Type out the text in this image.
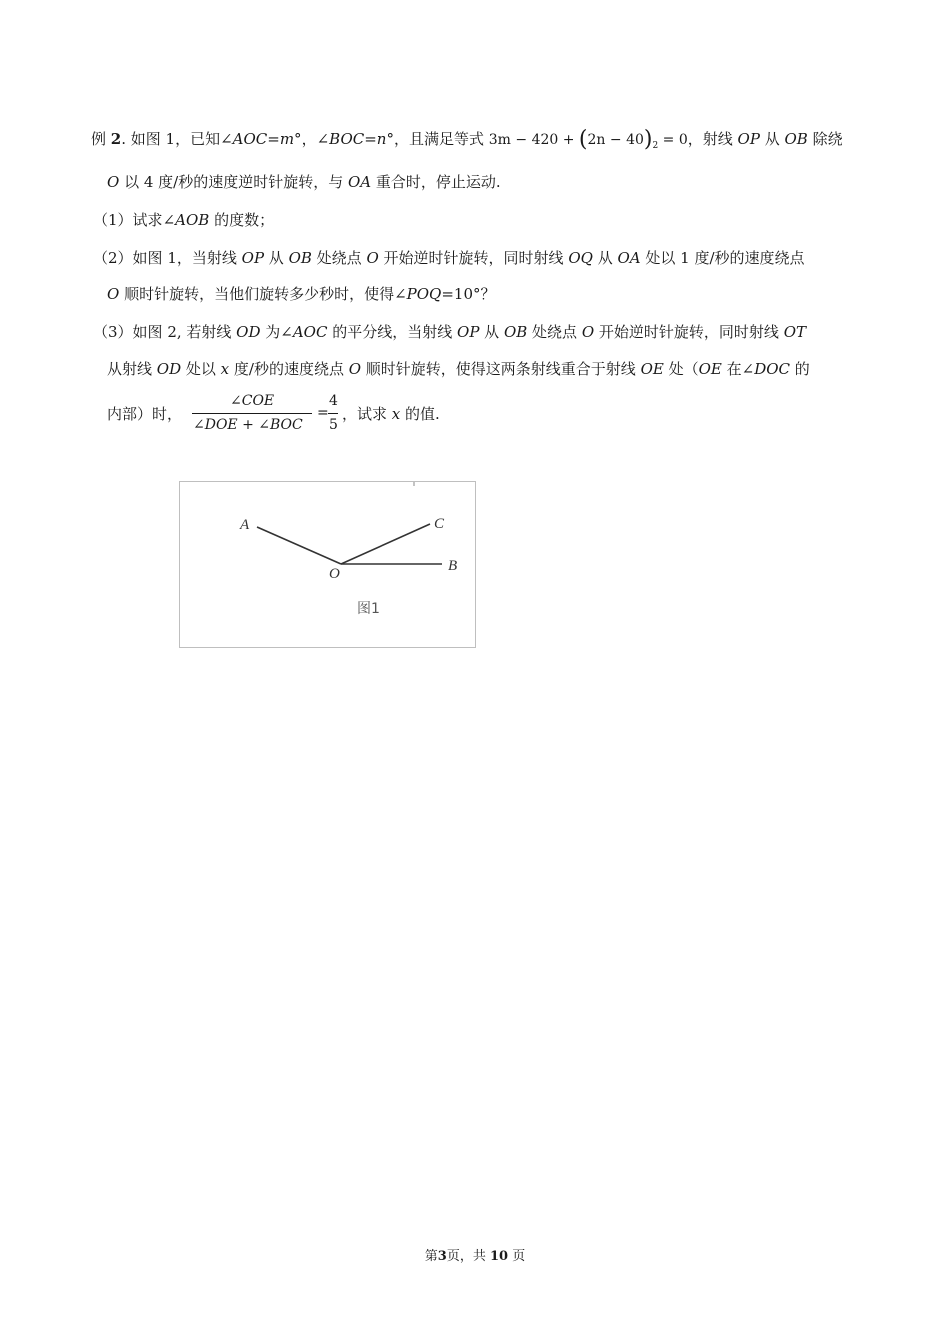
例 2. 如图 1，已知∠AOC=m°，∠BOC=n°，且满足等式 $3m - 420 + (2n - 40)_2 = 0$，射线 OP 从 OB 除绕
O 以 4 度/秒的速度逆时针旋转，与 OA 重合时，停止运动.
（1）试求∠AOB 的度数；
（2）如图 1，当射线 OP 从 OB 处绕点 O 开始逆时针旋转，同时射线 OQ 从 OA 处以 1 度/秒的速度绕点
O 顺时针旋转，当他们旋转多少秒时，使得∠POQ=10°？
（3）如图 2, 若射线 OD 为∠AOC 的平分线，当射线 OP 从 OB 处绕点 O 开始逆时针旋转，同时射线 OT
从射线 OD 处以 x 度/秒的速度绕点 O 顺时针旋转，使得这两条射线重合于射线 OE 处（OE 在∠DOC 的
内部）时，
∠COE
∠DOE + ∠BOC
=
4
5
，试求 x 的值.
A	C
O	B
图1
第3页，共 10 页
